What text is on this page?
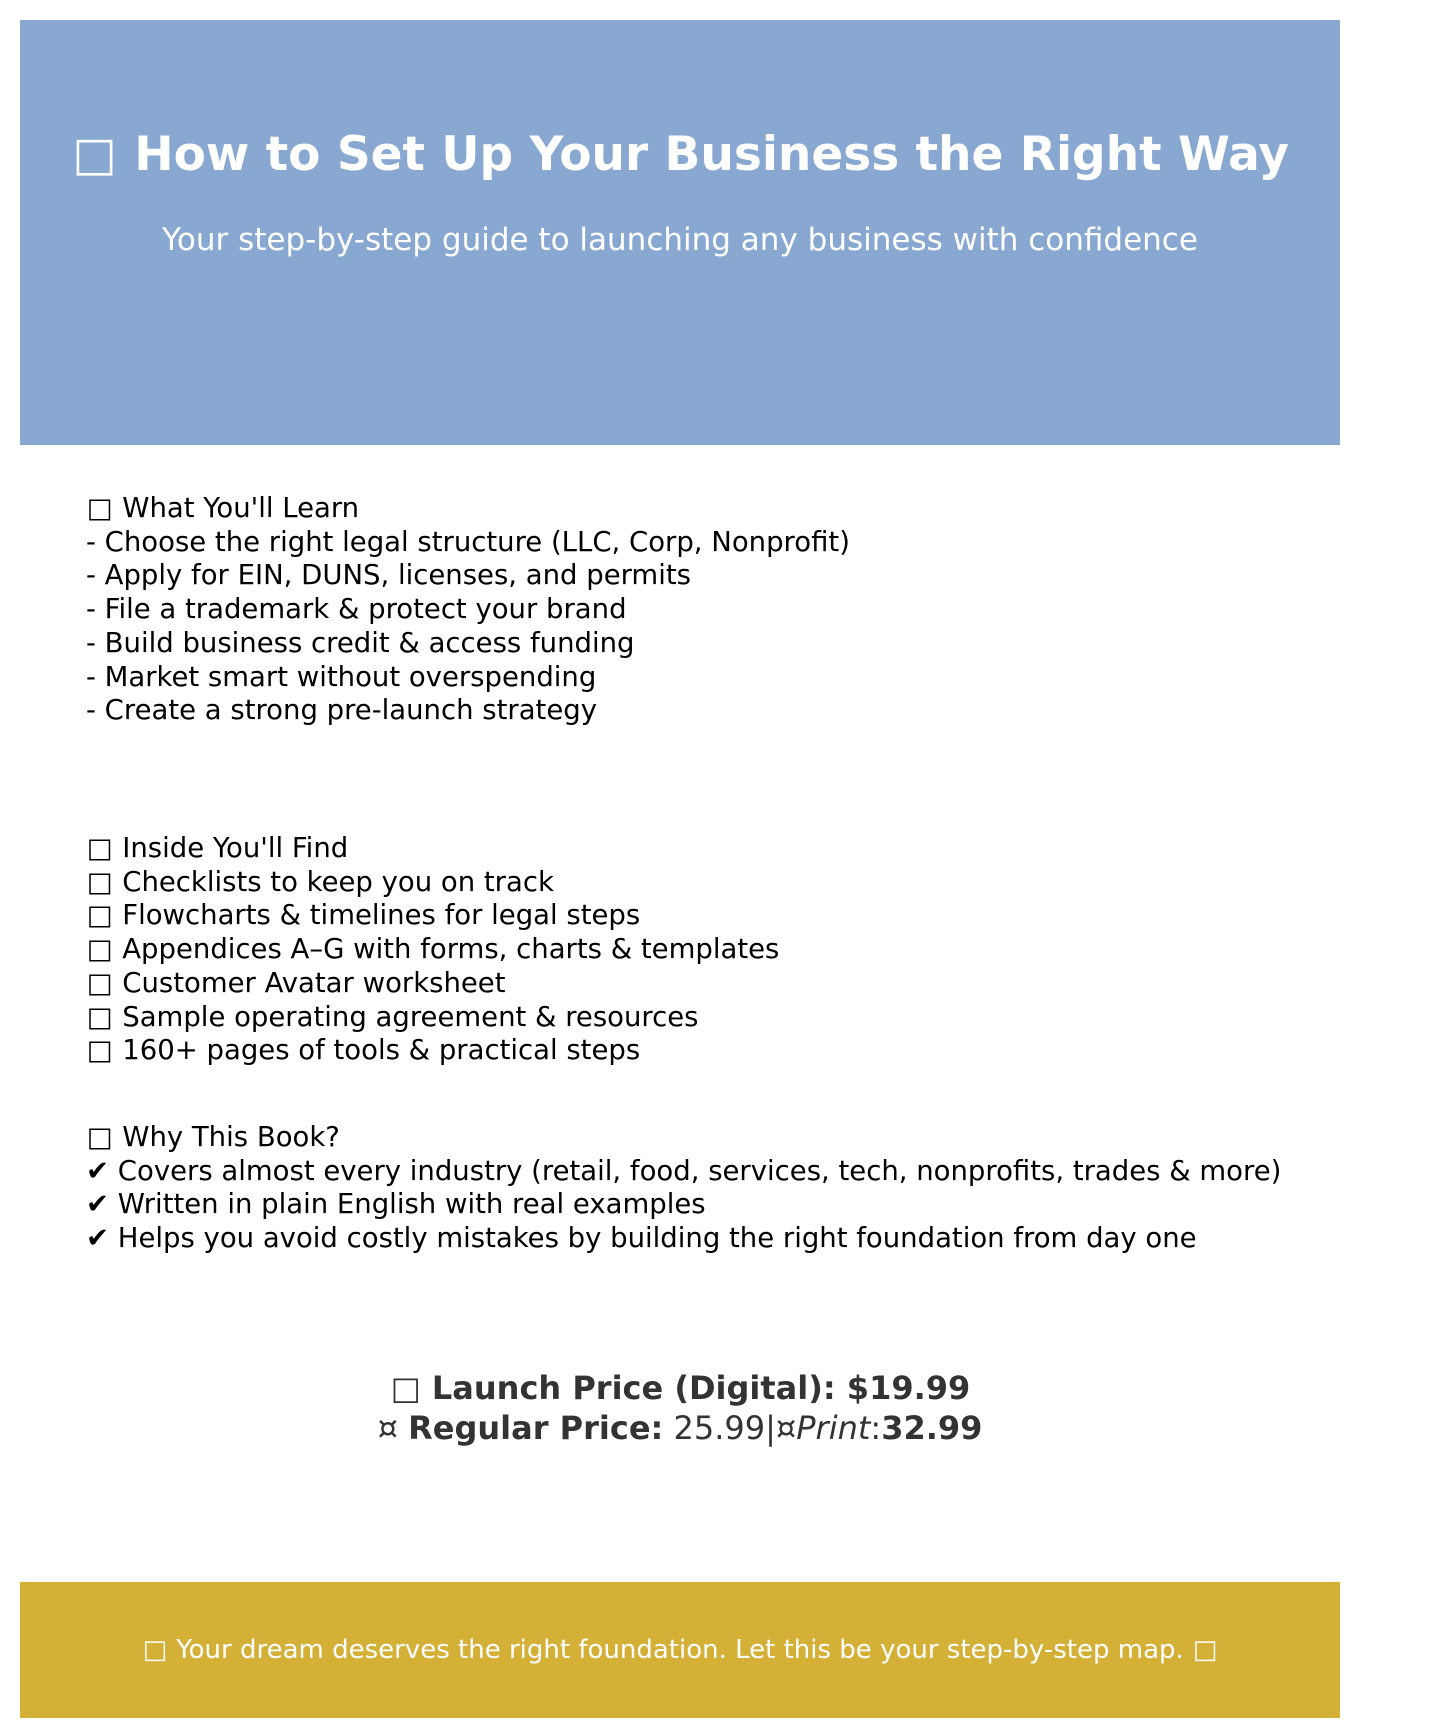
□ How to Set Up Your Business the Right Way

Your step-by-step guide to launching any business with confidence

□ What You'll Learn
- Choose the right legal structure (LLC, Corp, Nonprofit)
- Apply for EIN, DUNS, licenses, and permits
- File a trademark & protect your brand
- Build business credit & access funding
- Market smart without overspending
- Create a strong pre-launch strategy
□ Inside You'll Find
□ Checklists to keep you on track
□ Flowcharts & timelines for legal steps
□ Appendices A–G with forms, charts & templates
□ Customer Avatar worksheet
□ Sample operating agreement & resources
□ 160+ pages of tools & practical steps
□ Why This Book?
✔ Covers almost every industry (retail, food, services, tech, nonprofits, trades & more)
✔ Written in plain English with real examples
✔ Helps you avoid costly mistakes by building the right foundation from day one
□ Launch Price (Digital): $19.99
¤ Regular Price: 25.99|¤Print:32.99
□ Your dream deserves the right foundation. Let this be your step-by-step map. □
